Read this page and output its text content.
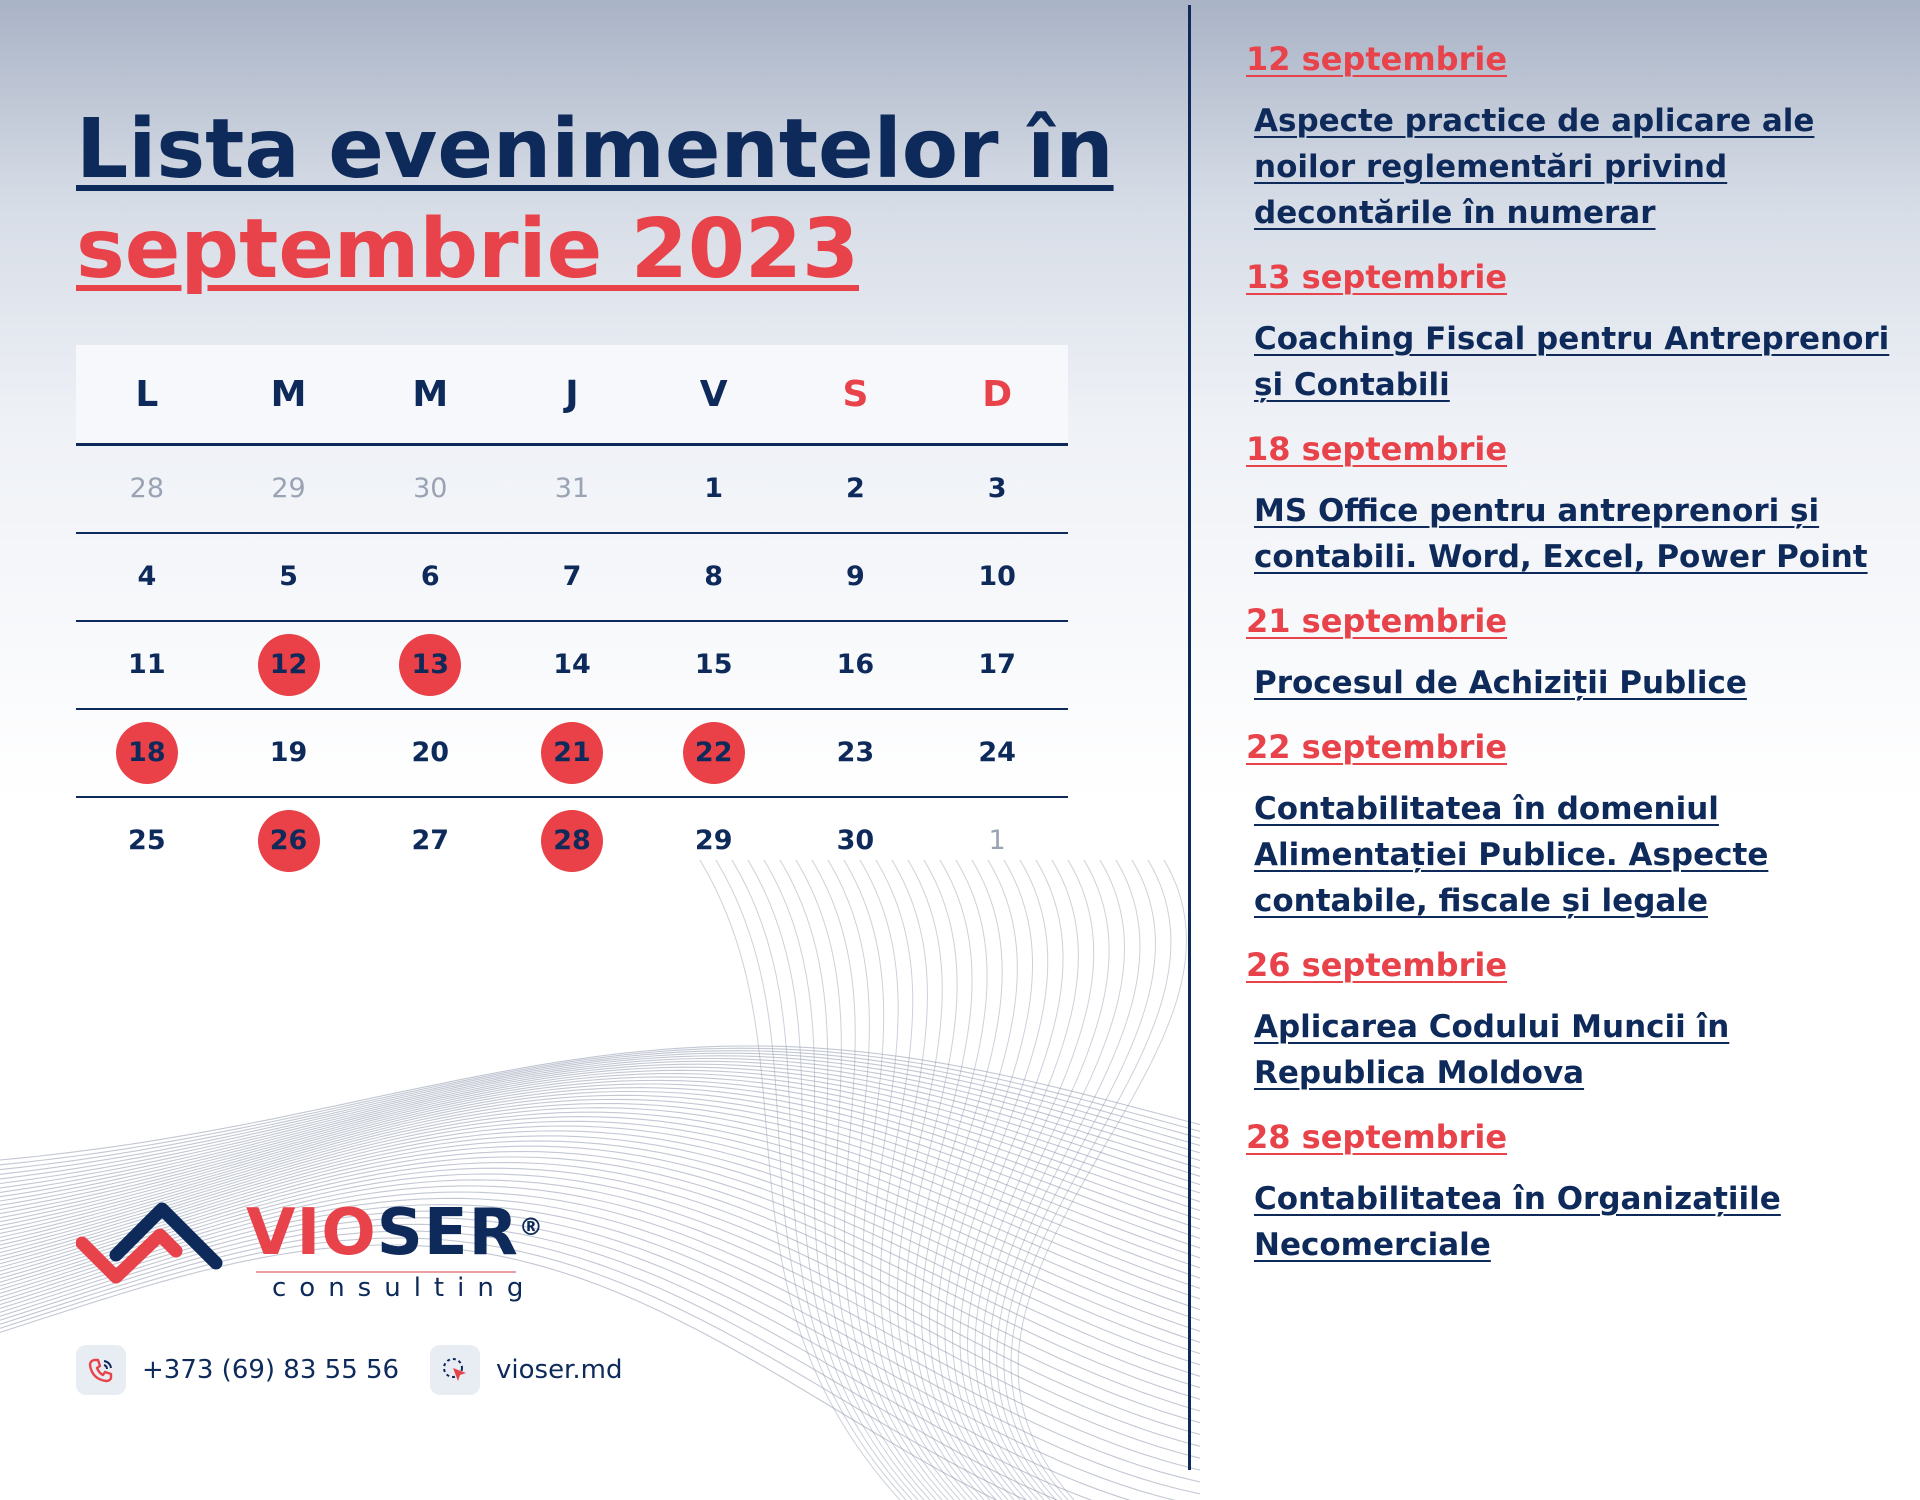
Lista evenimentelor în
septembrie 2023
L	M	M	J	V	S	D
28	29	30	31	1	2	3
4	5	6	7	8	9	10
11	12	13	14	15	16	17
18	19	20	21	22	23	24
25	26	27	28	29	30	1
VIOSER®
consulting
+373 (69) 83 55 56	vioser.md
12 septembrie
Aspecte practice de aplicare ale noilor reglementări privind decontările în numerar
13 septembrie
Coaching Fiscal pentru Antreprenori și Contabili
18 septembrie
MS Office pentru antreprenori și contabili. Word, Excel, Power Point
21 septembrie
Procesul de Achiziții Publice
22 septembrie
Contabilitatea în domeniul Alimentației Publice. Aspecte contabile, fiscale și legale
26 septembrie
Aplicarea Codului Muncii în Republica Moldova
28 septembrie
Contabilitatea în Organizațiile Necomerciale
